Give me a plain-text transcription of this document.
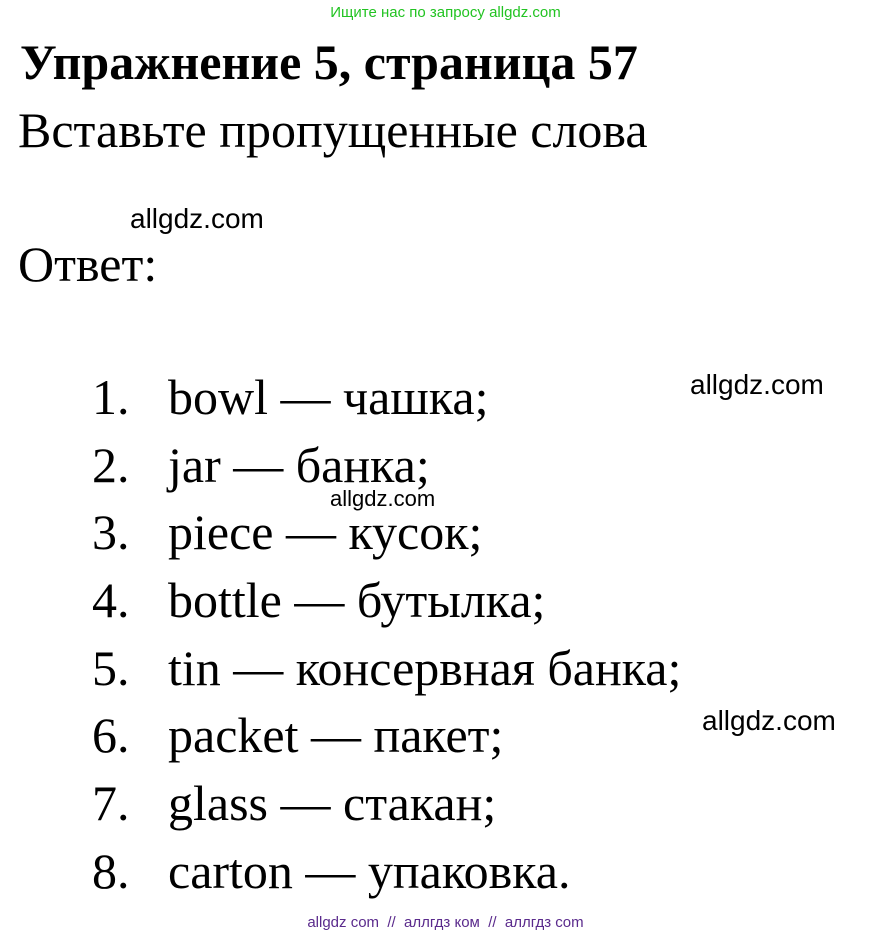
Ищите нас по запросу allgdz.com
Упражнение 5, страница 57
Вставьте пропущенные слова
allgdz.com
Ответ:
1. bowl — чашка;
2. jar — банка;
3. piece — кусок;
4. bottle — бутылка;
5. tin — консервная банка;
6. packet — пакет;
7. glass — стакан;
8. carton — упаковка.
allgdz.com
allgdz.com
allgdz.com
allgdz com  //  аллгдз ком  //  аллгдз com
